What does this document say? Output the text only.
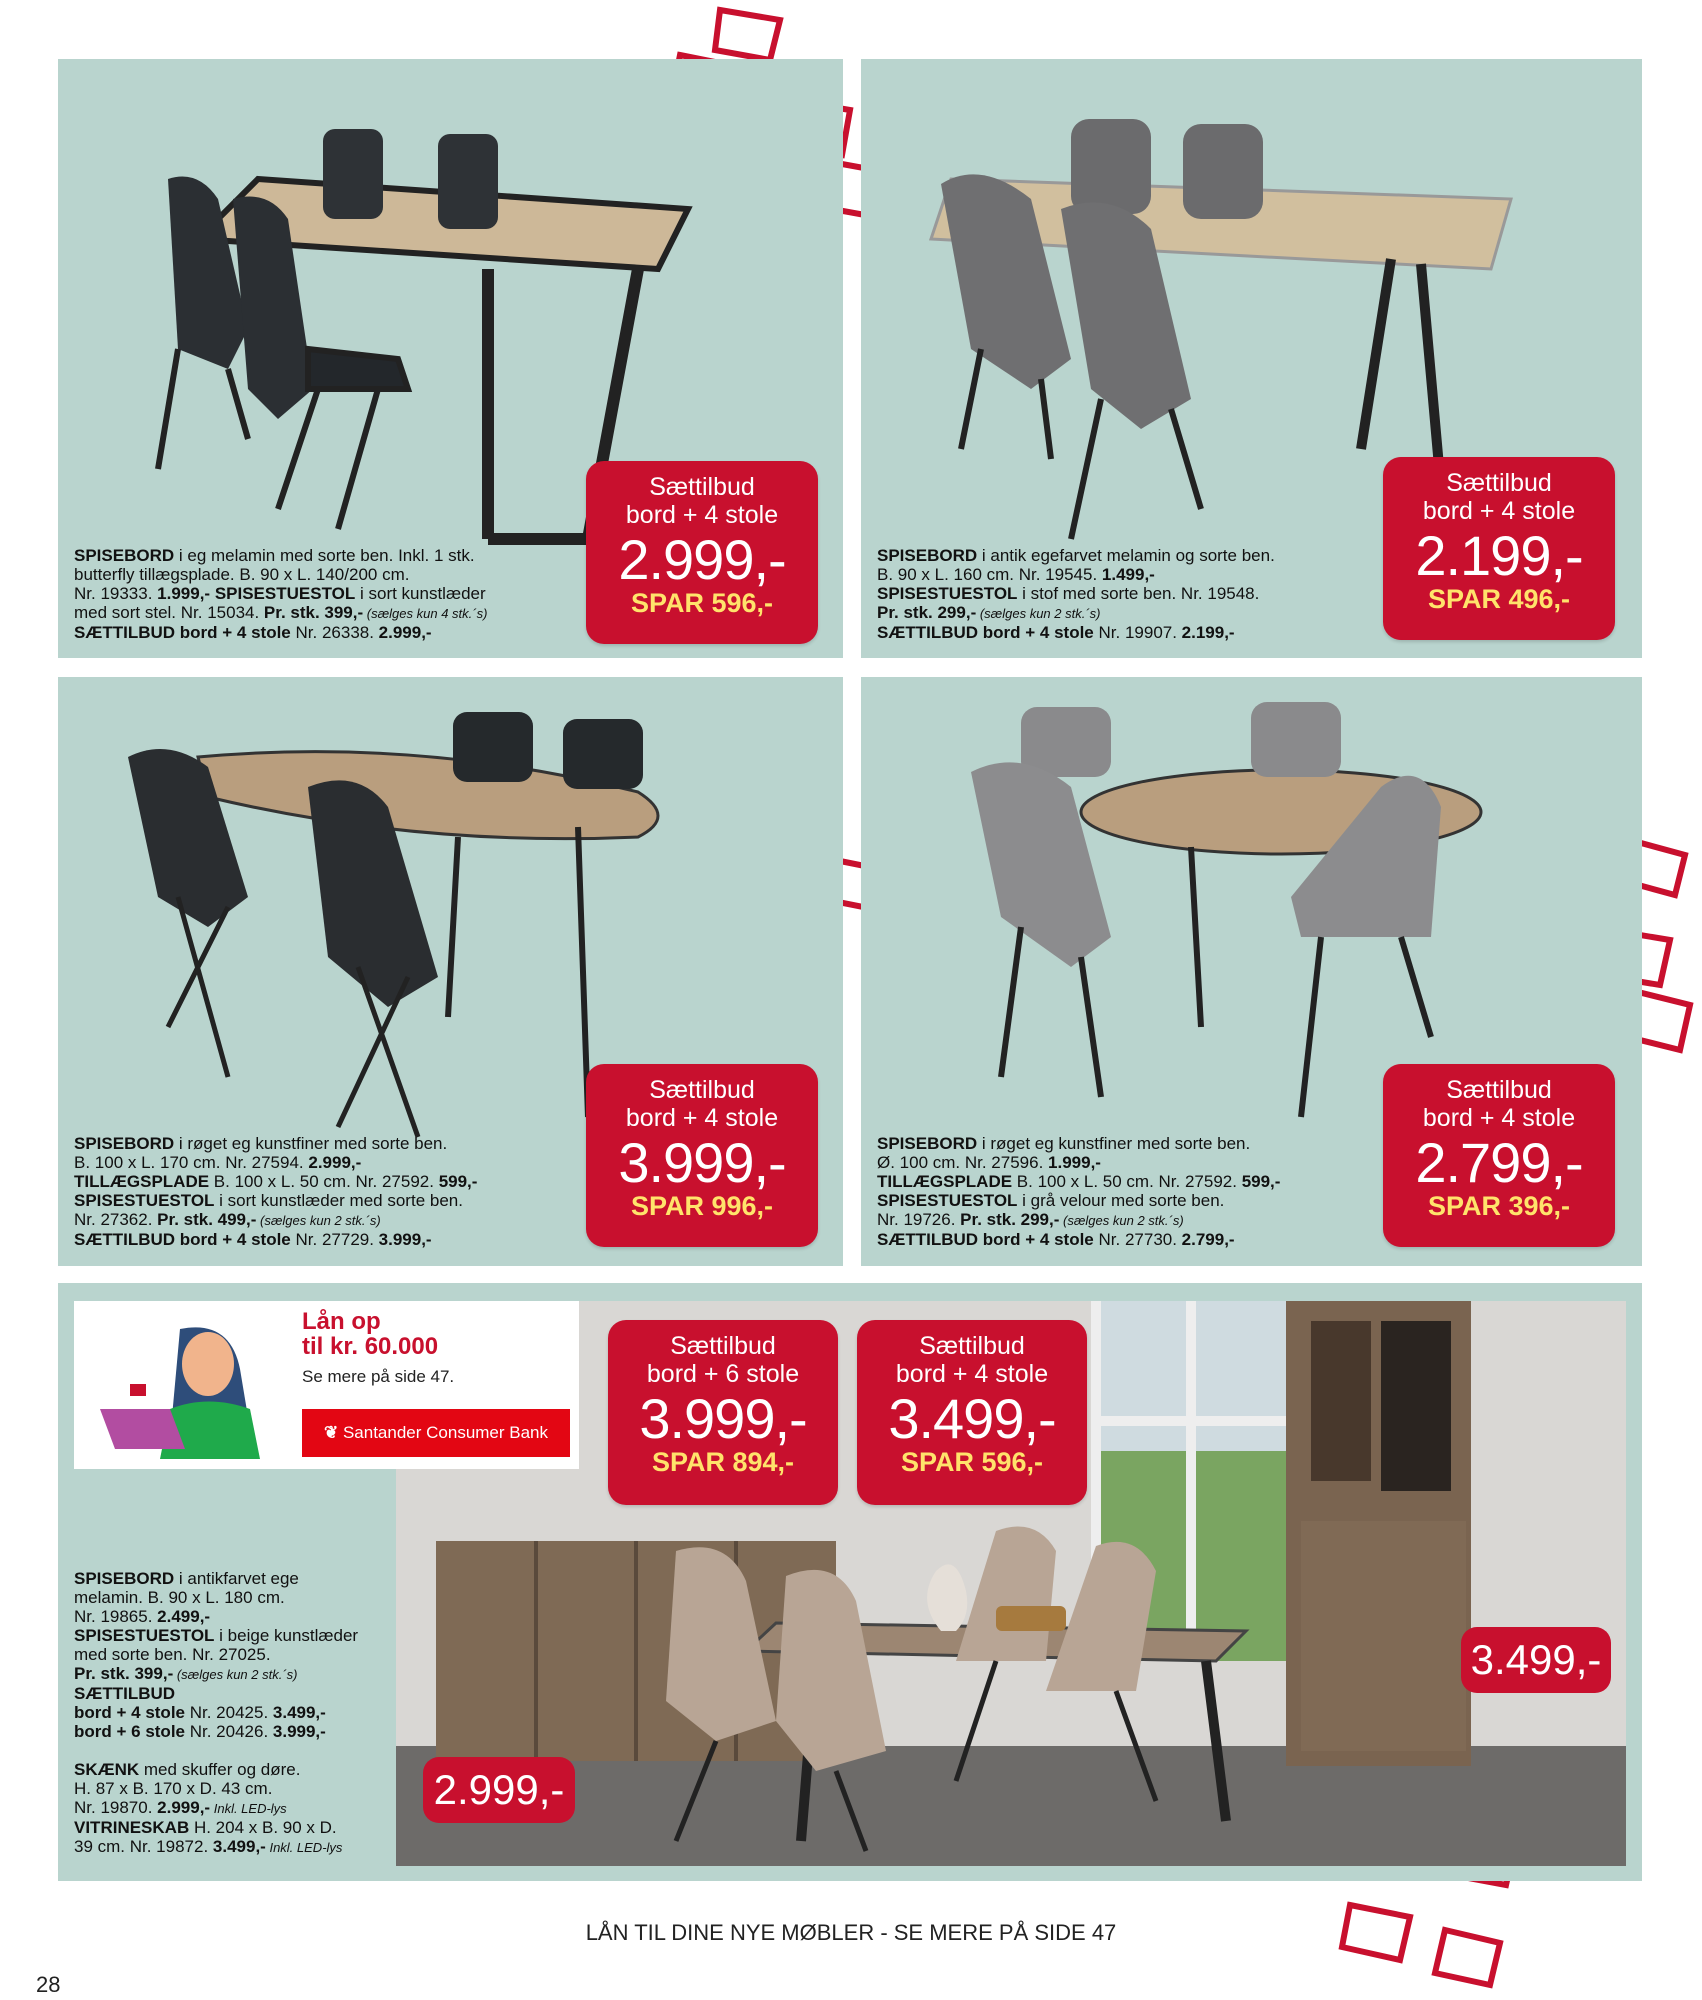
SPISEBORD i eg melamin med sorte ben. Inkl. 1 stk.
butterfly tillægsplade. B. 90 x L. 140/200 cm.
Nr. 19333. 1.999,- SPISESTUESTOL i sort kunstlæder
med sort stel. Nr. 15034. Pr. stk. 399,- (sælges kun 4 stk.´s)
SÆTTILBUD bord + 4 stole Nr. 26338. 2.999,-
Sættilbud
bord + 4 stole
2.999,-
SPAR 596,-
SPISEBORD i antik egefarvet melamin og sorte ben.
B. 90 x L. 160 cm. Nr. 19545. 1.499,-
SPISESTUESTOL i stof med sorte ben. Nr. 19548.
Pr. stk. 299,- (sælges kun 2 stk.´s)
SÆTTILBUD bord + 4 stole Nr. 19907. 2.199,-
Sættilbud
bord + 4 stole
2.199,-
SPAR 496,-
SPISEBORD i røget eg kunstfiner med sorte ben.
B. 100 x L. 170 cm. Nr. 27594. 2.999,-
TILLÆGSPLADE B. 100 x L. 50 cm. Nr. 27592. 599,-
SPISESTUESTOL i sort kunstlæder med sorte ben.
Nr. 27362. Pr. stk. 499,- (sælges kun 2 stk.´s)
SÆTTILBUD bord + 4 stole Nr. 27729. 3.999,-
Sættilbud
bord + 4 stole
3.999,-
SPAR 996,-
SPISEBORD i røget eg kunstfiner med sorte ben.
Ø. 100 cm. Nr. 27596. 1.999,-
TILLÆGSPLADE B. 100 x L. 50 cm. Nr. 27592. 599,-
SPISESTUESTOL i grå velour med sorte ben.
Nr. 19726. Pr. stk. 299,- (sælges kun 2 stk.´s)
SÆTTILBUD bord + 4 stole Nr. 27730. 2.799,-
Sættilbud
bord + 4 stole
2.799,-
SPAR 396,-
SPISEBORD i antikfarvet ege
melamin. B. 90 x L. 180 cm.
Nr. 19865. 2.499,-
SPISESTUESTOL i beige kunstlæder
med sorte ben. Nr. 27025.
Pr. stk. 399,- (sælges kun 2 stk.´s)
SÆTTILBUD
bord + 4 stole Nr. 20425. 3.499,-
bord + 6 stole Nr. 20426. 3.999,-

SKÆNK med skuffer og døre.
H. 87 x B. 170 x D. 43 cm.
Nr. 19870. 2.999,- Inkl. LED-lys
VITRINESKAB H. 204 x B. 90 x D.
39 cm. Nr. 19872. 3.499,- Inkl. LED-lys
Lån op
til kr. 60.000
Se mere på side 47.
❦ Santander Consumer Bank
Sættilbud
bord + 6 stole
3.999,-
SPAR 894,-
Sættilbud
bord + 4 stole
3.499,-
SPAR 596,-
2.999,-
3.499,-
LÅN TIL DINE NYE MØBLER - SE MERE PÅ SIDE 47
28
